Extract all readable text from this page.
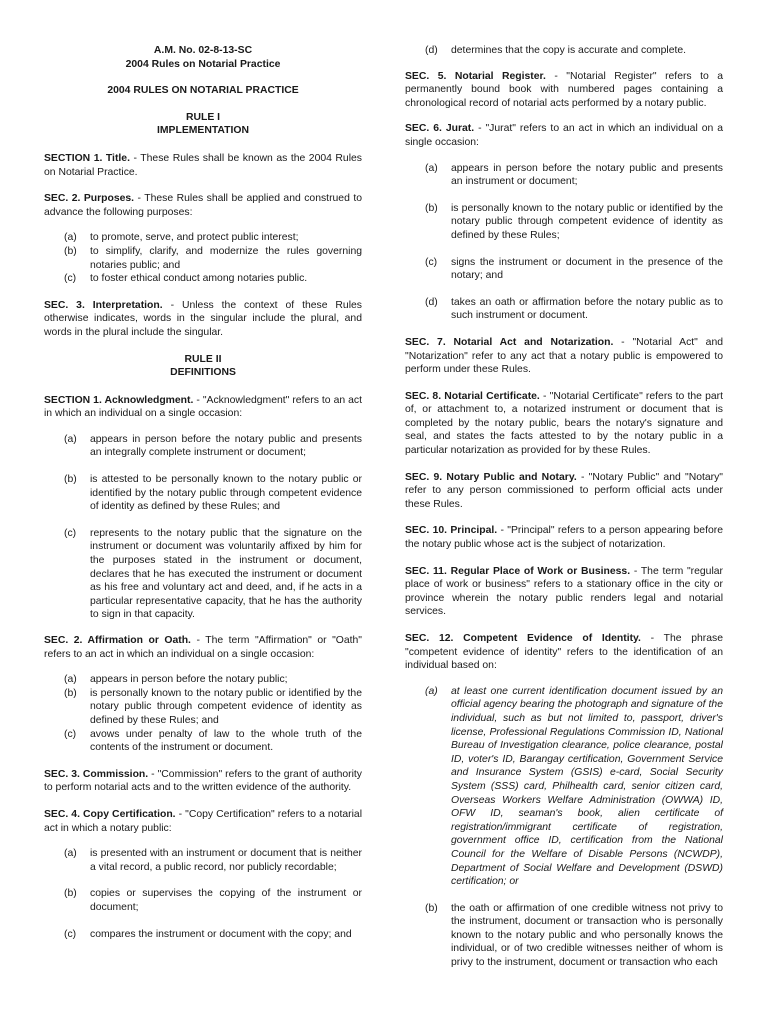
A.M. No. 02-8-13-SC
2004 Rules on Notarial Practice
2004 RULES ON NOTARIAL PRACTICE
RULE I
IMPLEMENTATION

SECTION 1. Title. - These Rules shall be known as the 2004 Rules on Notarial Practice.

SEC. 2. Purposes. - These Rules shall be applied and construed to advance the following purposes:

(a) to promote, serve, and protect public interest;
(b) to simplify, clarify, and modernize the rules governing notaries public; and
(c) to foster ethical conduct among notaries public.

SEC. 3. Interpretation. - Unless the context of these Rules otherwise indicates, words in the singular include the plural, and words in the plural include the singular.

RULE II
DEFINITIONS

SECTION 1. Acknowledgment. - "Acknowledgment" refers to an act in which an individual on a single occasion:

(a) appears in person before the notary public and presents an integrally complete instrument or document;
(b) is attested to be personally known to the notary public or identified by the notary public through competent evidence of identity as defined by these Rules; and
(c) represents to the notary public that the signature on the instrument or document was voluntarily affixed by him for the purposes stated in the instrument or document, declares that he has executed the instrument or document as his free and voluntary act and deed, and, if he acts in a particular representative capacity, that he has the authority to sign in that capacity.

SEC. 2. Affirmation or Oath. - The term "Affirmation" or "Oath" refers to an act in which an individual on a single occasion:

(a) appears in person before the notary public;
(b) is personally known to the notary public or identified by the notary public through competent evidence of identity as defined by these Rules; and
(c) avows under penalty of law to the whole truth of the contents of the instrument or document.

SEC. 3. Commission. - "Commission" refers to the grant of authority to perform notarial acts and to the written evidence of the authority.

SEC. 4. Copy Certification. - "Copy Certification" refers to a notarial act in which a notary public:

(a) is presented with an instrument or document that is neither a vital record, a public record, nor publicly recordable;
(b) copies or supervises the copying of the instrument or document;
(c) compares the instrument or document with the copy; and
(d) determines that the copy is accurate and complete.

SEC. 5. Notarial Register. - "Notarial Register" refers to a permanently bound book with numbered pages containing a chronological record of notarial acts performed by a notary public.

SEC. 6. Jurat. - "Jurat" refers to an act in which an individual on a single occasion:

(a) appears in person before the notary public and presents an instrument or document;
(b) is personally known to the notary public or identified by the notary public through competent evidence of identity as defined by these Rules;
(c) signs the instrument or document in the presence of the notary; and
(d) takes an oath or affirmation before the notary public as to such instrument or document.

SEC. 7. Notarial Act and Notarization. - "Notarial Act" and "Notarization" refer to any act that a notary public is empowered to perform under these Rules.

SEC. 8. Notarial Certificate. - "Notarial Certificate" refers to the part of, or attachment to, a notarized instrument or document that is completed by the notary public, bears the notary's signature and seal, and states the facts attested to by the notary public in a particular notarization as provided for by these Rules.

SEC. 9. Notary Public and Notary. - "Notary Public" and "Notary" refer to any person commissioned to perform official acts under these Rules.

SEC. 10. Principal. - "Principal" refers to a person appearing before the notary public whose act is the subject of notarization.

SEC. 11. Regular Place of Work or Business. - The term "regular place of work or business" refers to a stationary office in the city or province wherein the notary public renders legal and notarial services.

SEC. 12. Competent Evidence of Identity. - The phrase "competent evidence of identity" refers to the identification of an individual based on:

(a) at least one current identification document issued by an official agency bearing the photograph and signature of the individual, such as but not limited to, passport, driver's license, Professional Regulations Commission ID, National Bureau of Investigation clearance, police clearance, postal ID, voter's ID, Barangay certification, Government Service and Insurance System (GSIS) e-card, Social Security System (SSS) card, Philhealth card, senior citizen card, Overseas Workers Welfare Administration (OWWA) ID, OFW ID, seaman's book, alien certificate of registration/immigrant certificate of registration, government office ID, certification from the National Council for the Welfare of Disable Persons (NCWDP), Department of Social Welfare and Development (DSWD) certification; or
(b) the oath or affirmation of one credible witness not privy to the instrument, document or transaction who is personally known to the notary public and who personally knows the individual, or of two credible witnesses neither of whom is privy to the instrument, document or transaction who each
